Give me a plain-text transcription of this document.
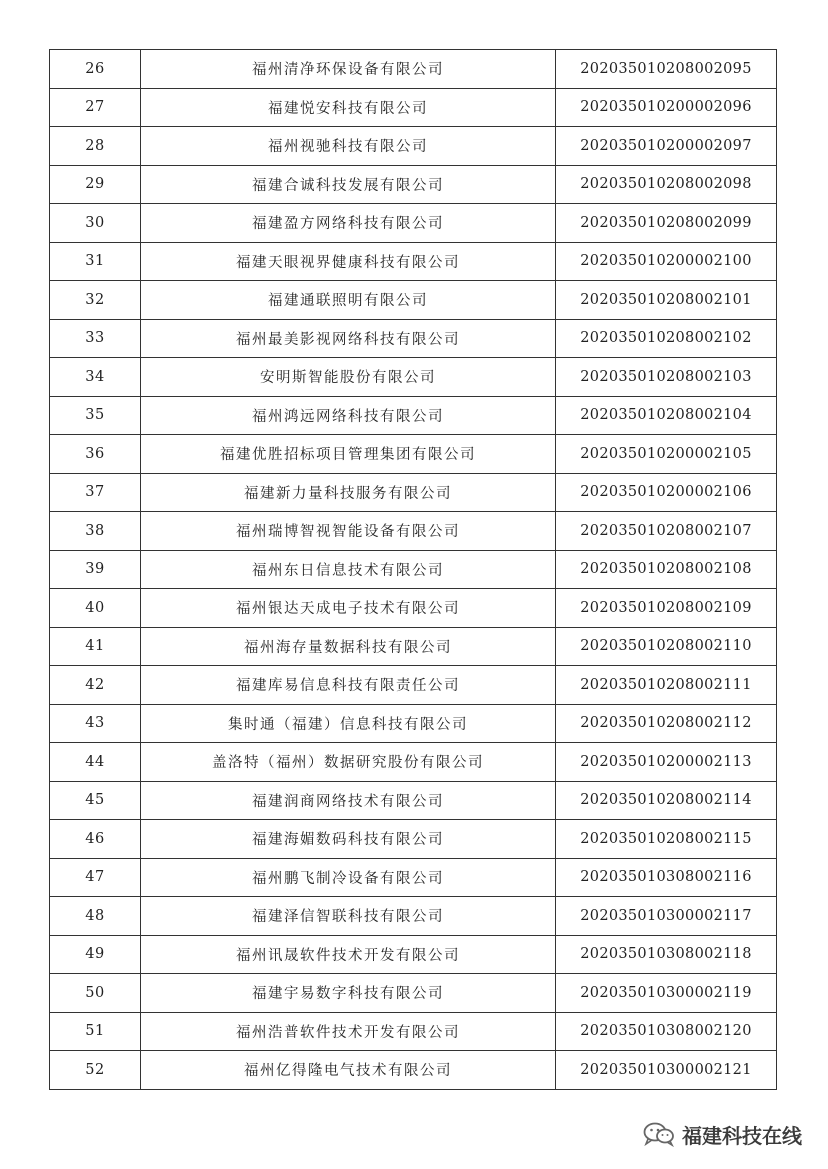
26	福州清净环保设备有限公司	202035010208002095
27	福建悦安科技有限公司	202035010200002096
28	福州视驰科技有限公司	202035010200002097
29	福建合诚科技发展有限公司	202035010208002098
30	福建盈方网络科技有限公司	202035010208002099
31	福建天眼视界健康科技有限公司	202035010200002100
32	福建通联照明有限公司	202035010208002101
33	福州最美影视网络科技有限公司	202035010208002102
34	安明斯智能股份有限公司	202035010208002103
35	福州鸿远网络科技有限公司	202035010208002104
36	福建优胜招标项目管理集团有限公司	202035010200002105
37	福建新力量科技服务有限公司	202035010200002106
38	福州瑞博智视智能设备有限公司	202035010208002107
39	福州东日信息技术有限公司	202035010208002108
40	福州银达天成电子技术有限公司	202035010208002109
41	福州海存量数据科技有限公司	202035010208002110
42	福建库易信息科技有限责任公司	202035010208002111
43	集时通（福建）信息科技有限公司	202035010208002112
44	盖洛特（福州）数据研究股份有限公司	202035010200002113
45	福建润商网络技术有限公司	202035010208002114
46	福建海媚数码科技有限公司	202035010208002115
47	福州鹏飞制冷设备有限公司	202035010308002116
48	福建泽信智联科技有限公司	202035010300002117
49	福州讯晟软件技术开发有限公司	202035010308002118
50	福建宇易数字科技有限公司	202035010300002119
51	福州浩普软件技术开发有限公司	202035010308002120
52	福州亿得隆电气技术有限公司	202035010300002121
福建科技在线
